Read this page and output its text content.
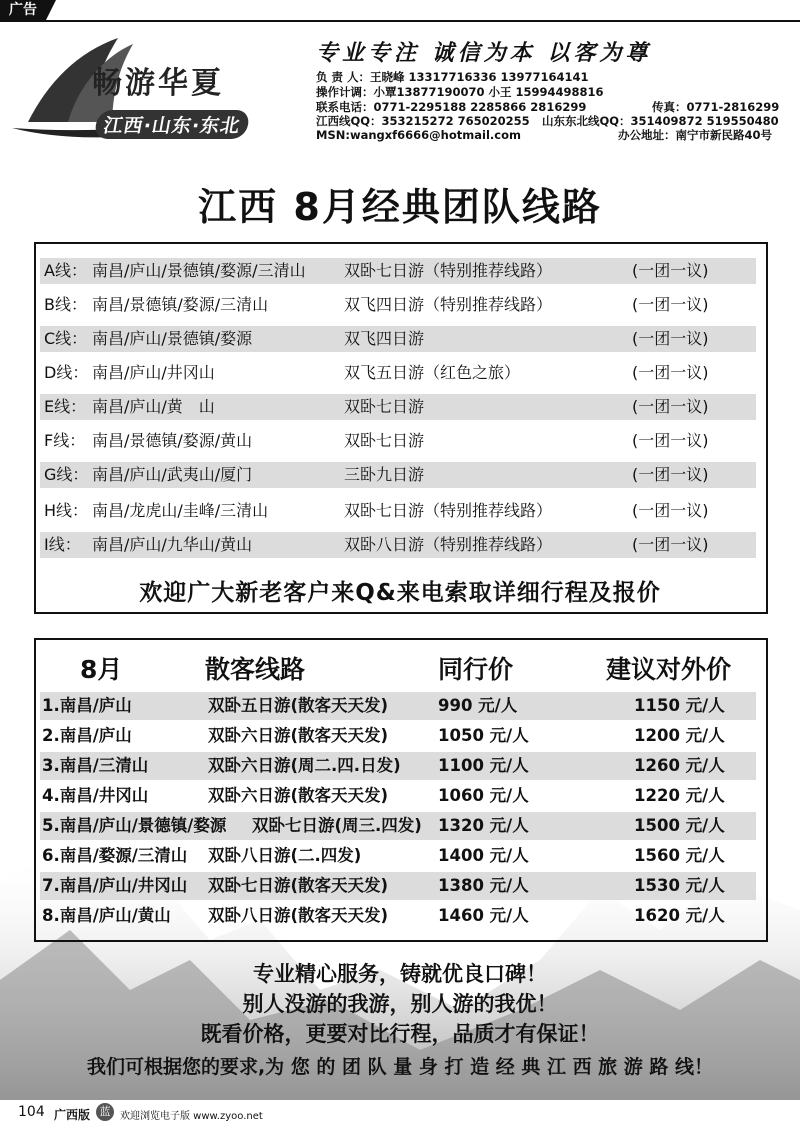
广告
畅游华夏
江西·山东·东北
专业专注 诚信为本 以客为尊
负 责 人：王晓峰 13317716336 13977164141
操作计调：小覃13877190070 小王 15994498816
联系电话：0771-2295188 2285866 2816299	传真：0771-2816299
江西线QQ：353215272 765020255 山东东北线QQ：351409872 519550480
MSN:wangxf6666@hotmail.com	办公地址：南宁市新民路40号
江西 8月经典团队线路
A线： 南昌/庐山/景德镇/婺源/三清山 双卧七日游（特别推荐线路）	(一团一议)
B线： 南昌/景德镇/婺源/三清山	双飞四日游（特别推荐线路）	(一团一议)
C线： 南昌/庐山/景德镇/婺源	双飞四日游	(一团一议)
D线： 南昌/庐山/井冈山	双飞五日游（红色之旅）	(一团一议)
E线： 南昌/庐山/黄　山	双卧七日游	(一团一议)
F线： 南昌/景德镇/婺源/黄山	双卧七日游	(一团一议)
G线： 南昌/庐山/武夷山/厦门	三卧九日游	(一团一议)
H线： 南昌/龙虎山/圭峰/三清山	双卧七日游（特别推荐线路）	(一团一议)
I线： 南昌/庐山/九华山/黄山	双卧八日游（特别推荐线路）	(一团一议)
欢迎广大新老客户来Q&来电索取详细行程及报价
8月	散客线路	同行价	建议对外价
1.南昌/庐山	双卧五日游(散客天天发)	990 元/人	1150 元/人
2.南昌/庐山	双卧六日游(散客天天发)	1050 元/人	1200 元/人
3.南昌/三清山	双卧六日游(周二.四.日发) 1100 元/人	1260 元/人
4.南昌/井冈山	双卧六日游(散客天天发)	1060 元/人	1220 元/人
5.南昌/庐山/景德镇/婺源 双卧七日游(周三.四发) 1320 元/人	1500 元/人
6.南昌/婺源/三清山 双卧八日游(二.四发)	1400 元/人	1560 元/人
7.南昌/庐山/井冈山 双卧七日游(散客天天发)	1380 元/人	1530 元/人
8.南昌/庐山/黄山 双卧八日游(散客天天发)	1460 元/人	1620 元/人
专业精心服务，铸就优良口碑！
别人没游的我游，别人游的我优！
既看价格，更要对比行程，品质才有保证！
我们可根据您的要求,为 您 的 团 队 量 身 打 造 经 典 江 西 旅 游 路 线！
104 广西版 蓝 欢迎浏览电子版 www.zyoo.net
